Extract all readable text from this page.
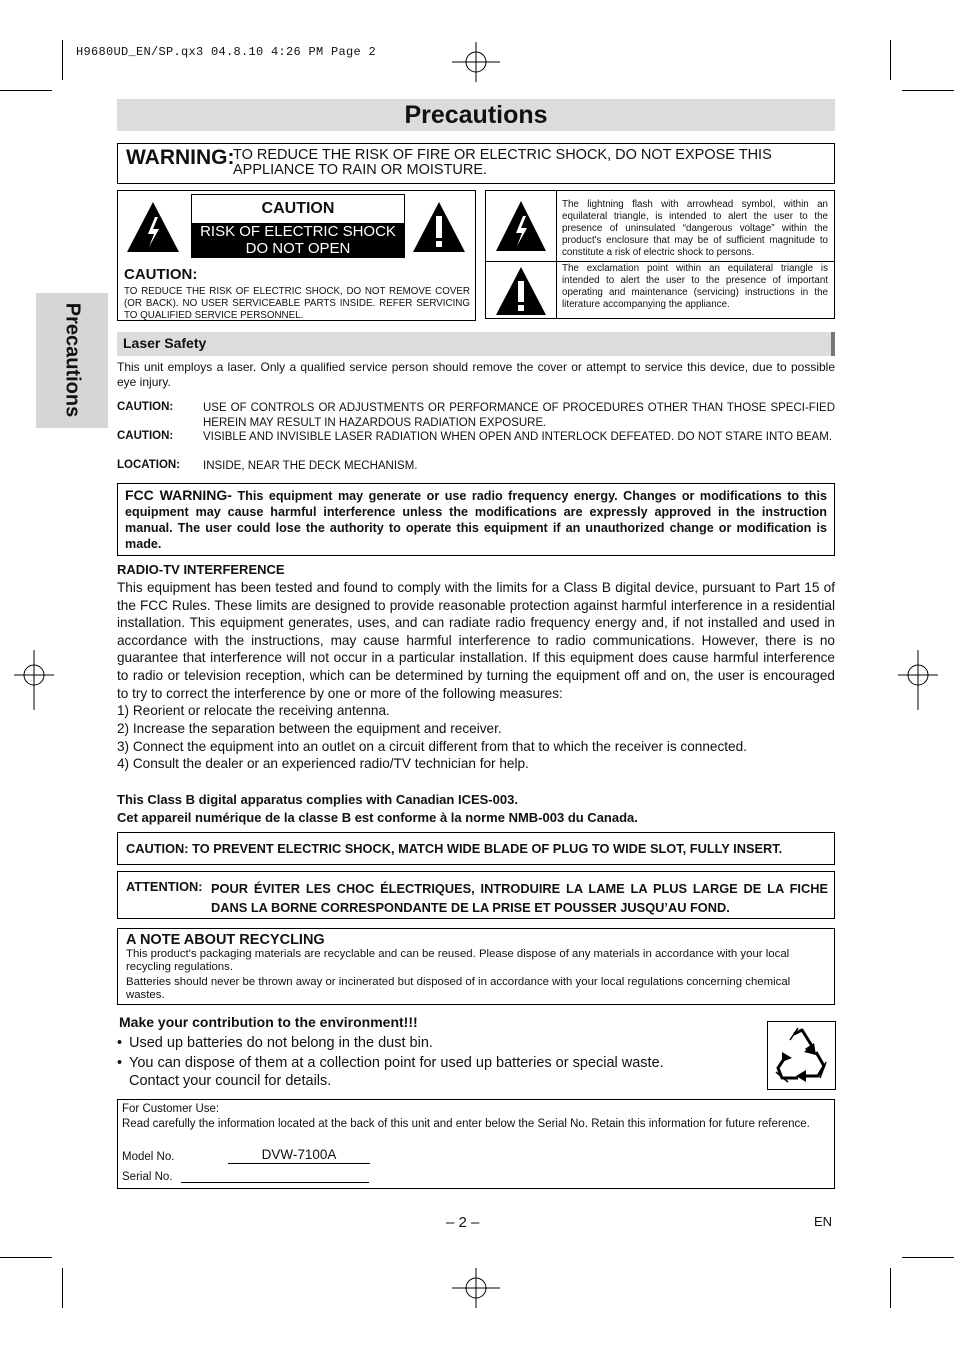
H9680UD_EN/SP.qx3 04.8.10 4:26 PM Page 2
Precautions
Precautions
WARNING:
TO REDUCE THE RISK OF FIRE OR ELECTRIC SHOCK, DO NOT EXPOSE THIS
APPLIANCE TO RAIN OR MOISTURE.
CAUTION
RISK OF ELECTRIC SHOCK
DO NOT OPEN
CAUTION:
TO REDUCE THE RISK OF ELECTRIC SHOCK, DO NOT REMOVE COVER (OR BACK). NO USER SERVICEABLE PARTS INSIDE. REFER SERVICING TO QUALIFIED SERVICE PERSONNEL.
The lightning flash with arrowhead symbol, within an equilateral triangle, is intended to alert the user to the presence of uninsulated “dangerous voltage” within the product's enclosure that may be of sufficient magnitude to constitute a risk of electric shock to persons.
The exclamation point within an equilateral triangle is intended to alert the user to the presence of important operating and maintenance (servicing) instructions in the literature accompanying the appliance.
Laser Safety
This unit employs a laser. Only a qualified service person should remove the cover or attempt to service this device, due to possible eye injury.
CAUTION:	USE OF CONTROLS OR ADJUSTMENTS OR PERFORMANCE OF PROCEDURES OTHER THAN THOSE SPECI-FIED HEREIN MAY RESULT IN HAZARDOUS RADIATION EXPOSURE.
CAUTION:	VISIBLE AND INVISIBLE LASER RADIATION WHEN OPEN AND INTERLOCK DEFEATED. DO NOT STARE INTO BEAM.
LOCATION: INSIDE, NEAR THE DECK MECHANISM.
FCC WARNING- This equipment may generate or use radio frequency energy. Changes or modifications to this equipment may cause harmful interference unless the modifications are expressly approved in the instruction manual. The user could lose the authority to operate this equipment if an unauthorized change or modification is made.
RADIO-TV INTERFERENCE
This equipment has been tested and found to comply with the limits for a Class B digital device, pursuant to Part 15 of the FCC Rules. These limits are designed to provide reasonable protection against harmful interference in a residential installation. This equipment generates, uses, and can radiate radio frequency energy and, if not installed and used in accordance with the instructions, may cause harmful interference to radio communications. However, there is no guarantee that interference will not occur in a particular installation. If this equipment does cause harmful interference to radio or television reception, which can be determined by turning the equipment off and on, the user is encouraged to try to correct the interference by one or more of the following measures:
1) Reorient or relocate the receiving antenna.
2) Increase the separation between the equipment and receiver.
3) Connect the equipment into an outlet on a circuit different from that to which the receiver is connected.
4) Consult the dealer or an experienced radio/TV technician for help.
This Class B digital apparatus complies with Canadian ICES-003.
Cet appareil numérique de la classe B est conforme à la norme NMB-003 du Canada.
CAUTION: TO PREVENT ELECTRIC SHOCK, MATCH WIDE BLADE OF PLUG TO WIDE SLOT, FULLY INSERT.
ATTENTION: POUR ÉVITER LES CHOC ÉLECTRIQUES, INTRODUIRE LA LAME LA PLUS LARGE DE LA FICHE DANS LA BORNE CORRESPONDANTE DE LA PRISE ET POUSSER JUSQU’AU FOND.
A NOTE ABOUT RECYCLING
This product's packaging materials are recyclable and can be reused. Please dispose of any materials in accordance with your local recycling regulations.
Batteries should never be thrown away or incinerated but disposed of in accordance with your local regulations concerning chemical wastes.
Make your contribution to the environment!!!
• Used up batteries do not belong in the dust bin.
• You can dispose of them at a collection point for used up batteries or special waste.
Contact your council for details.
For Customer Use:
Read carefully the information located at the back of this unit and enter below the Serial No. Retain this information for future reference.
Model No.	DVW-7100A
Serial No.
– 2 –	EN
